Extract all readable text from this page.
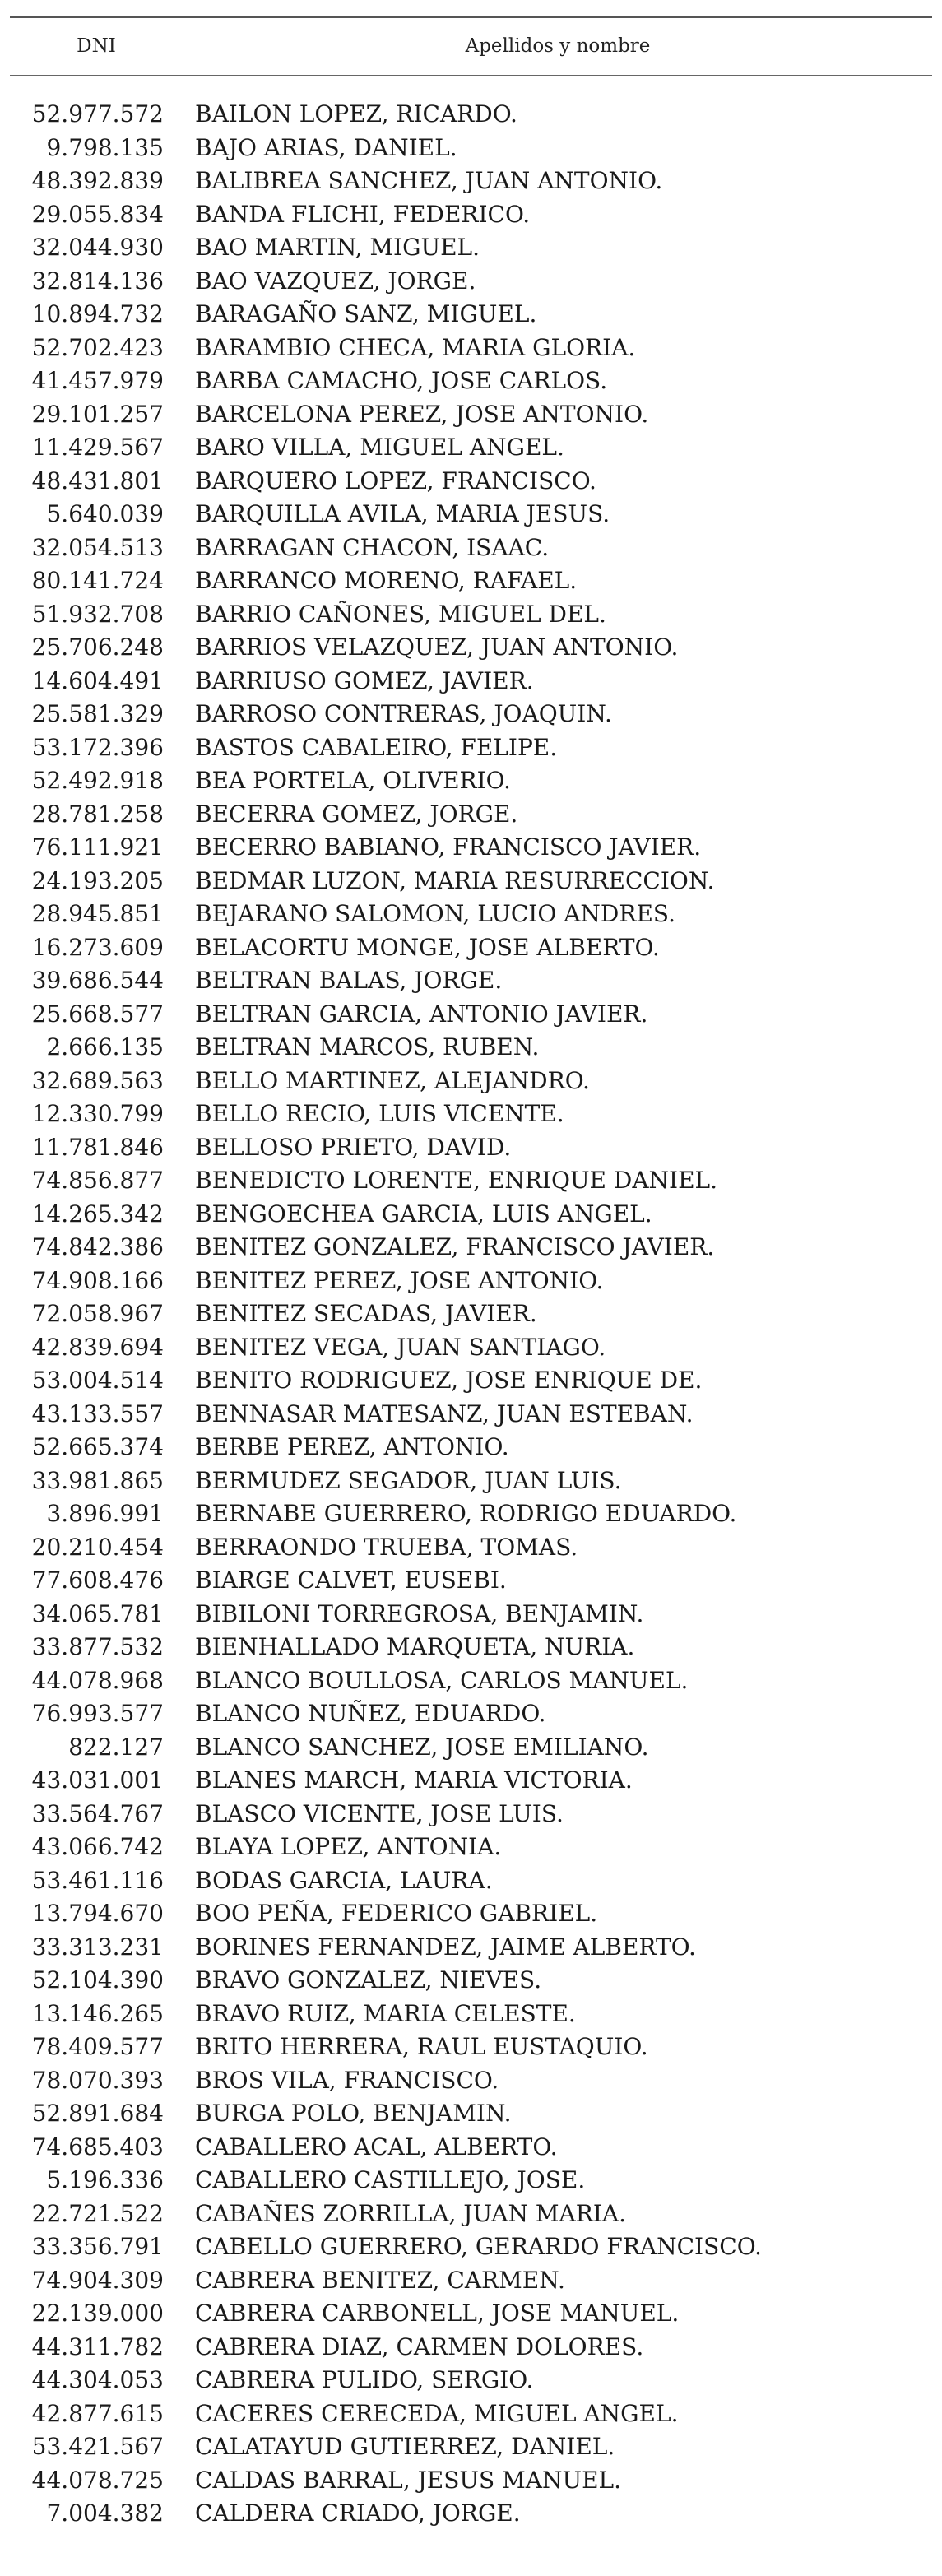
DNI	Apellidos y nombre
52.977.572 BAILON LOPEZ, RICARDO.
9.798.135 BAJO ARIAS, DANIEL.
48.392.839 BALIBREA SANCHEZ, JUAN ANTONIO.
29.055.834 BANDA FLICHI, FEDERICO.
32.044.930 BAO MARTIN, MIGUEL.
32.814.136 BAO VAZQUEZ, JORGE.
10.894.732 BARAGAÑO SANZ, MIGUEL.
52.702.423 BARAMBIO CHECA, MARIA GLORIA.
41.457.979 BARBA CAMACHO, JOSE CARLOS.
29.101.257 BARCELONA PEREZ, JOSE ANTONIO.
11.429.567 BARO VILLA, MIGUEL ANGEL.
48.431.801 BARQUERO LOPEZ, FRANCISCO.
5.640.039 BARQUILLA AVILA, MARIA JESUS.
32.054.513 BARRAGAN CHACON, ISAAC.
80.141.724 BARRANCO MORENO, RAFAEL.
51.932.708 BARRIO CAÑONES, MIGUEL DEL.
25.706.248 BARRIOS VELAZQUEZ, JUAN ANTONIO.
14.604.491 BARRIUSO GOMEZ, JAVIER.
25.581.329 BARROSO CONTRERAS, JOAQUIN.
53.172.396 BASTOS CABALEIRO, FELIPE.
52.492.918 BEA PORTELA, OLIVERIO.
28.781.258 BECERRA GOMEZ, JORGE.
76.111.921 BECERRO BABIANO, FRANCISCO JAVIER.
24.193.205 BEDMAR LUZON, MARIA RESURRECCION.
28.945.851 BEJARANO SALOMON, LUCIO ANDRES.
16.273.609 BELACORTU MONGE, JOSE ALBERTO.
39.686.544 BELTRAN BALAS, JORGE.
25.668.577 BELTRAN GARCIA, ANTONIO JAVIER.
2.666.135 BELTRAN MARCOS, RUBEN.
32.689.563 BELLO MARTINEZ, ALEJANDRO.
12.330.799 BELLO RECIO, LUIS VICENTE.
11.781.846 BELLOSO PRIETO, DAVID.
74.856.877 BENEDICTO LORENTE, ENRIQUE DANIEL.
14.265.342 BENGOECHEA GARCIA, LUIS ANGEL.
74.842.386 BENITEZ GONZALEZ, FRANCISCO JAVIER.
74.908.166 BENITEZ PEREZ, JOSE ANTONIO.
72.058.967 BENITEZ SECADAS, JAVIER.
42.839.694 BENITEZ VEGA, JUAN SANTIAGO.
53.004.514 BENITO RODRIGUEZ, JOSE ENRIQUE DE.
43.133.557 BENNASAR MATESANZ, JUAN ESTEBAN.
52.665.374 BERBE PEREZ, ANTONIO.
33.981.865 BERMUDEZ SEGADOR, JUAN LUIS.
3.896.991 BERNABE GUERRERO, RODRIGO EDUARDO.
20.210.454 BERRAONDO TRUEBA, TOMAS.
77.608.476 BIARGE CALVET, EUSEBI.
34.065.781 BIBILONI TORREGROSA, BENJAMIN.
33.877.532 BIENHALLADO MARQUETA, NURIA.
44.078.968 BLANCO BOULLOSA, CARLOS MANUEL.
76.993.577 BLANCO NUÑEZ, EDUARDO.
822.127 BLANCO SANCHEZ, JOSE EMILIANO.
43.031.001 BLANES MARCH, MARIA VICTORIA.
33.564.767 BLASCO VICENTE, JOSE LUIS.
43.066.742 BLAYA LOPEZ, ANTONIA.
53.461.116 BODAS GARCIA, LAURA.
13.794.670 BOO PEÑA, FEDERICO GABRIEL.
33.313.231 BORINES FERNANDEZ, JAIME ALBERTO.
52.104.390 BRAVO GONZALEZ, NIEVES.
13.146.265 BRAVO RUIZ, MARIA CELESTE.
78.409.577 BRITO HERRERA, RAUL EUSTAQUIO.
78.070.393 BROS VILA, FRANCISCO.
52.891.684 BURGA POLO, BENJAMIN.
74.685.403 CABALLERO ACAL, ALBERTO.
5.196.336 CABALLERO CASTILLEJO, JOSE.
22.721.522 CABAÑES ZORRILLA, JUAN MARIA.
33.356.791 CABELLO GUERRERO, GERARDO FRANCISCO.
74.904.309 CABRERA BENITEZ, CARMEN.
22.139.000 CABRERA CARBONELL, JOSE MANUEL.
44.311.782 CABRERA DIAZ, CARMEN DOLORES.
44.304.053 CABRERA PULIDO, SERGIO.
42.877.615 CACERES CERECEDA, MIGUEL ANGEL.
53.421.567 CALATAYUD GUTIERREZ, DANIEL.
44.078.725 CALDAS BARRAL, JESUS MANUEL.
7.004.382 CALDERA CRIADO, JORGE.
